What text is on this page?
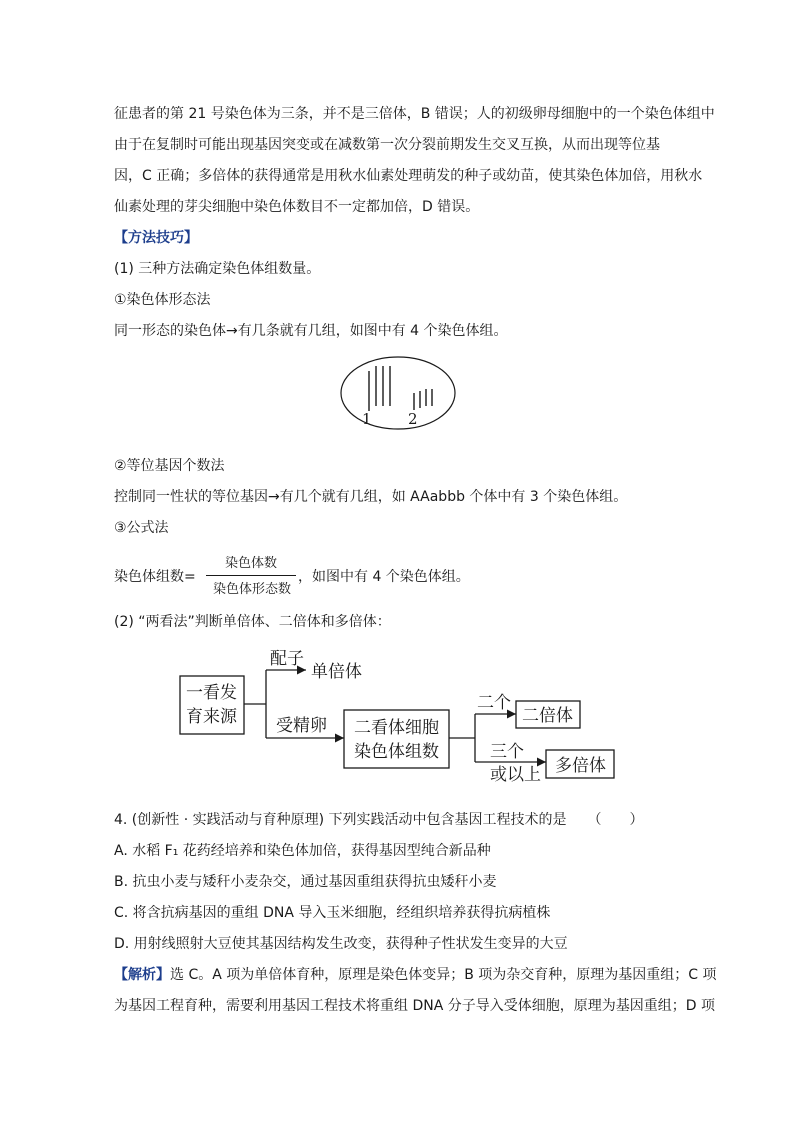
征患者的第 21 号染色体为三条，并不是三倍体，B 错误；人的初级卵母细胞中的一个染色体组中
由于在复制时可能出现基因突变或在减数第一次分裂前期发生交叉互换，从而出现等位基
因，C 正确；多倍体的获得通常是用秋水仙素处理萌发的种子或幼苗，使其染色体加倍，用秋水
仙素处理的芽尖细胞中染色体数目不一定都加倍，D 错误。
【方法技巧】
(1) 三种方法确定染色体组数量。
①染色体形态法
同一形态的染色体→有几条就有几组，如图中有 4 个染色体组。
1 2
②等位基因个数法
控制同一性状的等位基因→有几个就有几组，如 AAabbb 个体中有 3 个染色体组。
③公式法
染色体组数=
染色体数
染色体形态数
，如图中有 4 个染色体组。
(2) “两看法”判断单倍体、二倍体和多倍体：
一看发
育来源
配子
单倍体
受精卵 二看体细胞
染色体组数
二个
二倍体
三个
或以上 多倍体
4. (创新性 · 实践活动与育种原理) 下列实践活动中包含基因工程技术的是　　（　　）
A. 水稻 F₁ 花药经培养和染色体加倍，获得基因型纯合新品种
B. 抗虫小麦与矮秆小麦杂交，通过基因重组获得抗虫矮秆小麦
C. 将含抗病基因的重组 DNA 导入玉米细胞，经组织培养获得抗病植株
D. 用射线照射大豆使其基因结构发生改变，获得种子性状发生变异的大豆
【解析】选 C。A 项为单倍体育种，原理是染色体变异；B 项为杂交育种，原理为基因重组；C 项
为基因工程育种，需要利用基因工程技术将重组 DNA 分子导入受体细胞，原理为基因重组；D 项
